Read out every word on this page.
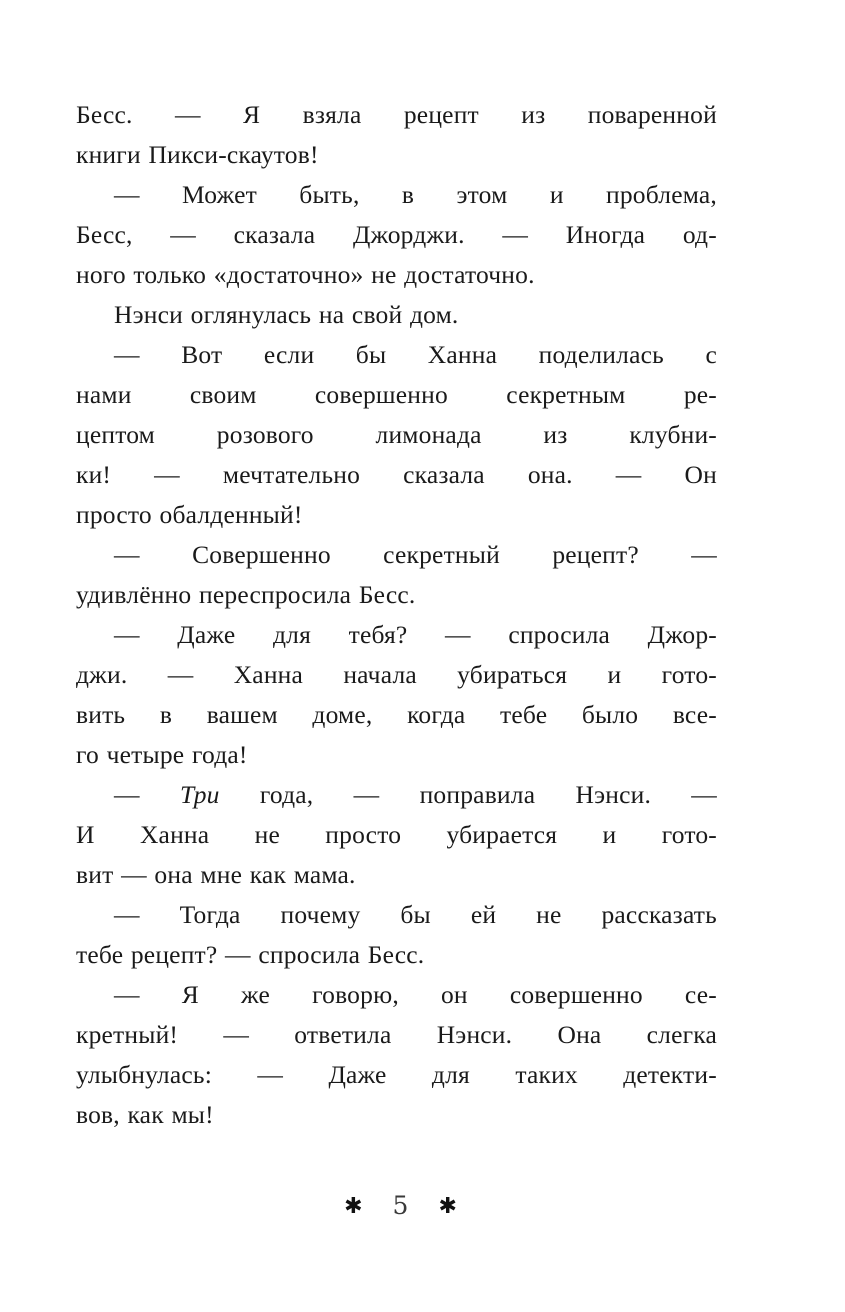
Бесс. — Я взяла рецепт из поваренной
книги Пикси-скаутов!

— Может быть, в этом и проблема,
Бесс, — сказала Джорджи. — Иногда од-
ного только «достаточно» не достаточно.

Нэнси оглянулась на свой дом.

— Вот если бы Ханна поделилась с
нами своим совершенно секретным ре-
цептом розового лимонада из клубни-
ки! — мечтательно сказала она. — Он
просто обалденный!

— Совершенно секретный рецепт? —
удивлённо переспросила Бесс.

— Даже для тебя? — спросила Джор-
джи. — Ханна начала убираться и гото-
вить в вашем доме, когда тебе было все-
го четыре года!

— Три года, — поправила Нэнси. —
И Ханна не просто убирается и гото-
вит — она мне как мама.

— Тогда почему бы ей не рассказать
тебе рецепт? — спросила Бесс.

— Я же говорю, он совершенно се-
кретный! — ответила Нэнси. Она слегка
улыбнулась: — Даже для таких детекти-
вов, как мы!

✱ 5 ✱
